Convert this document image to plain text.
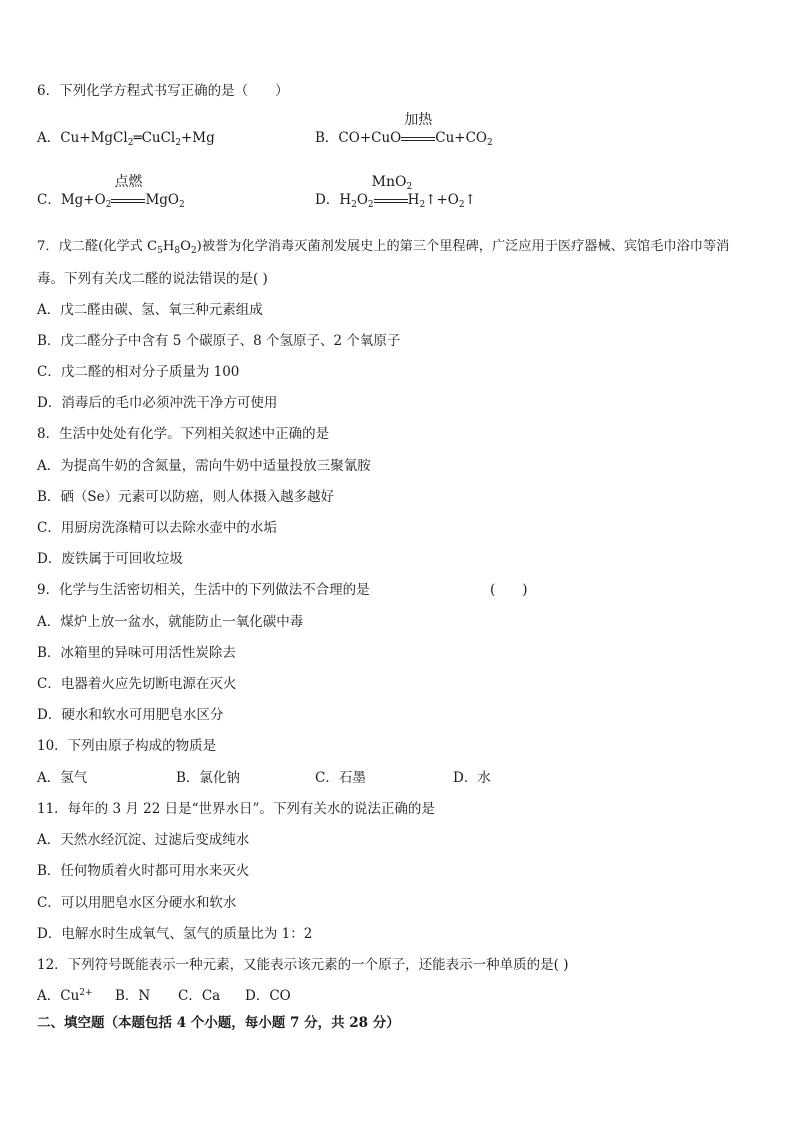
6．下列化学方程式书写正确的是（　　）
A．Cu+MgCl$_2$═CuCl$_2$+Mg	B．CO+CuO
加热
$Cu+CO_2$
C．$Mg+O_2$
点燃
MgO$_2$	D．$H_2O_2$
MnO$_2$
$H_2↑+O_2↑$
7．戊二醛(化学式 $C_5H_8O_2$)被誉为化学消毒灭菌剂发展史上的第三个里程碑，广泛应用于医疗器械、宾馆毛巾浴巾等消
毒。下列有关戊二醛的说法错误的是( )
A．戊二醛由碳、氢、氧三种元素组成
B．戊二醛分子中含有 5 个碳原子、8 个氢原子、2 个氧原子
C．戊二醛的相对分子质量为 100
D．消毒后的毛巾必须冲洗干净方可使用
8．生活中处处有化学。下列相关叙述中正确的是
A．为提高牛奶的含氮量，需向牛奶中适量投放三聚氰胺
B．硒（Se）元素可以防癌，则人体摄入越多越好
C．用厨房洗涤精可以去除水壶中的水垢
D．废铁属于可回收垃圾
9．化学与生活密切相关，生活中的下列做法不合理的是	(　　)
A．煤炉上放一盆水，就能防止一氧化碳中毒
B．冰箱里的异味可用活性炭除去
C．电器着火应先切断电源在灭火
D．硬水和软水可用肥皂水区分
10．下列由原子构成的物质是
A．氢气	B．氯化钠	C．石墨	D．水
11．每年的 3 月 22 日是“世界水日”。下列有关水的说法正确的是
A．天然水经沉淀、过滤后变成纯水
B．任何物质着火时都可用水来灭火
C．可以用肥皂水区分硬水和软水
D．电解水时生成氧气、氢气的质量比为 1：2
12．下列符号既能表示一种元素，又能表示该元素的一个原子，还能表示一种单质的是( )
A．$Cu^{2+}$ B．N C．Ca D．CO
二、填空题（本题包括 4 个小题，每小题 7 分，共 28 分）
